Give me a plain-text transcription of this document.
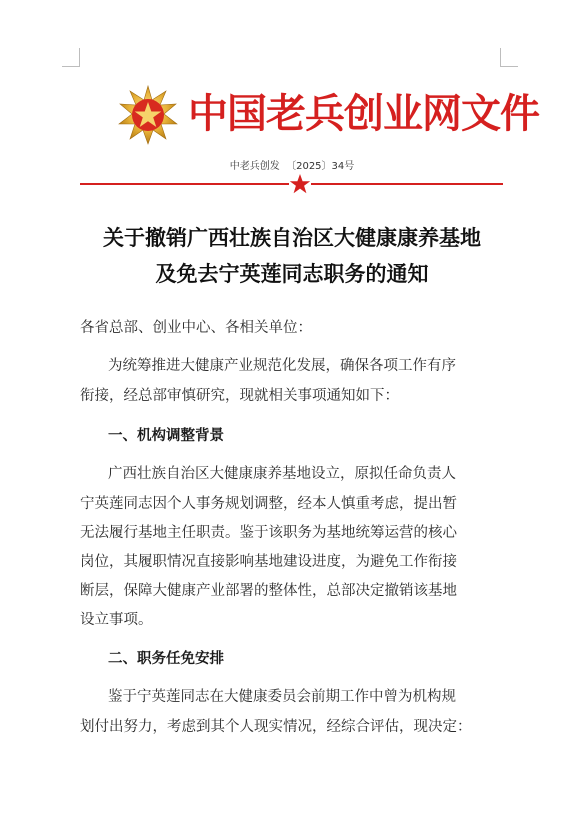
中国老兵创业网文件
中老兵创发  〔2025〕34号
关于撤销广西壮族自治区大健康康养基地
及免去宁英莲同志职务的通知
各省总部、创业中心、各相关单位：
为统筹推进大健康产业规范化发展，确保各项工作有序
衔接，经总部审慎研究，现就相关事项通知如下：
一、机构调整背景
广西壮族自治区大健康康养基地设立，原拟任命负责人
宁英莲同志因个人事务规划调整，经本人慎重考虑，提出暂
无法履行基地主任职责。鉴于该职务为基地统筹运营的核心
岗位，其履职情况直接影响基地建设进度，为避免工作衔接
断层，保障大健康产业部署的整体性，总部决定撤销该基地
设立事项。
二、职务任免安排
鉴于宁英莲同志在大健康委员会前期工作中曾为机构规
划付出努力，考虑到其个人现实情况，经综合评估，现决定：
